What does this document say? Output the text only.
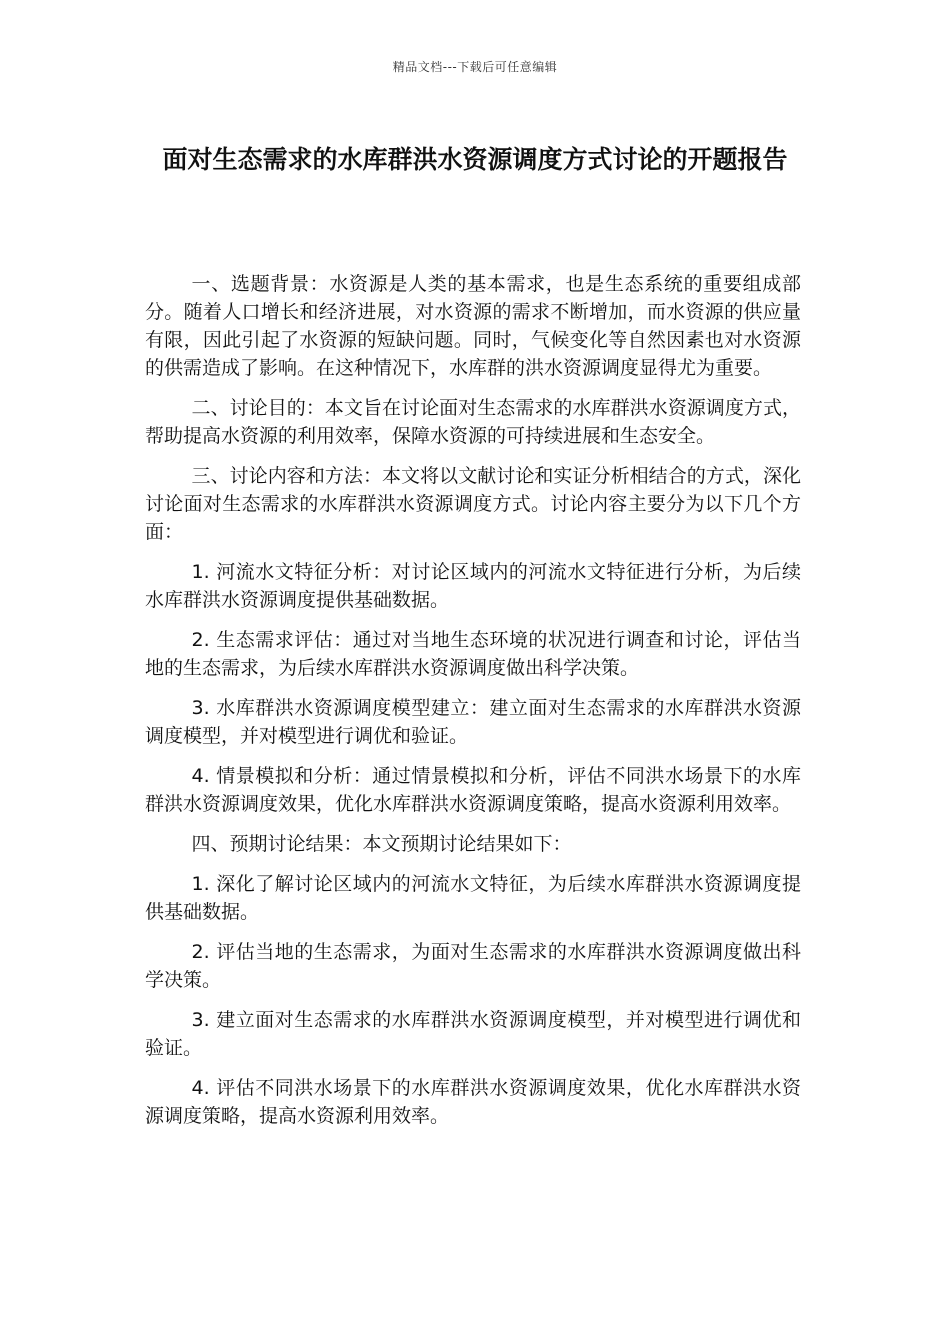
精品文档---下载后可任意编辑
面对生态需求的水库群洪水资源调度方式讨论的开题报告

一、选题背景：水资源是人类的基本需求，也是生态系统的重要组成部分。随着人口增长和经济进展，对水资源的需求不断增加，而水资源的供应量有限，因此引起了水资源的短缺问题。同时，气候变化等自然因素也对水资源的供需造成了影响。在这种情况下，水库群的洪水资源调度显得尤为重要。

二、讨论目的：本文旨在讨论面对生态需求的水库群洪水资源调度方式，帮助提高水资源的利用效率，保障水资源的可持续进展和生态安全。

三、讨论内容和方法：本文将以文献讨论和实证分析相结合的方式，深化讨论面对生态需求的水库群洪水资源调度方式。讨论内容主要分为以下几个方面：

1. 河流水文特征分析：对讨论区域内的河流水文特征进行分析，为后续水库群洪水资源调度提供基础数据。

2. 生态需求评估：通过对当地生态环境的状况进行调查和讨论，评估当地的生态需求，为后续水库群洪水资源调度做出科学决策。

3. 水库群洪水资源调度模型建立：建立面对生态需求的水库群洪水资源调度模型，并对模型进行调优和验证。

4. 情景模拟和分析：通过情景模拟和分析，评估不同洪水场景下的水库群洪水资源调度效果，优化水库群洪水资源调度策略，提高水资源利用效率。

四、预期讨论结果：本文预期讨论结果如下：

1. 深化了解讨论区域内的河流水文特征，为后续水库群洪水资源调度提供基础数据。

2. 评估当地的生态需求，为面对生态需求的水库群洪水资源调度做出科学决策。

3. 建立面对生态需求的水库群洪水资源调度模型，并对模型进行调优和验证。

4. 评估不同洪水场景下的水库群洪水资源调度效果，优化水库群洪水资源调度策略，提高水资源利用效率。
